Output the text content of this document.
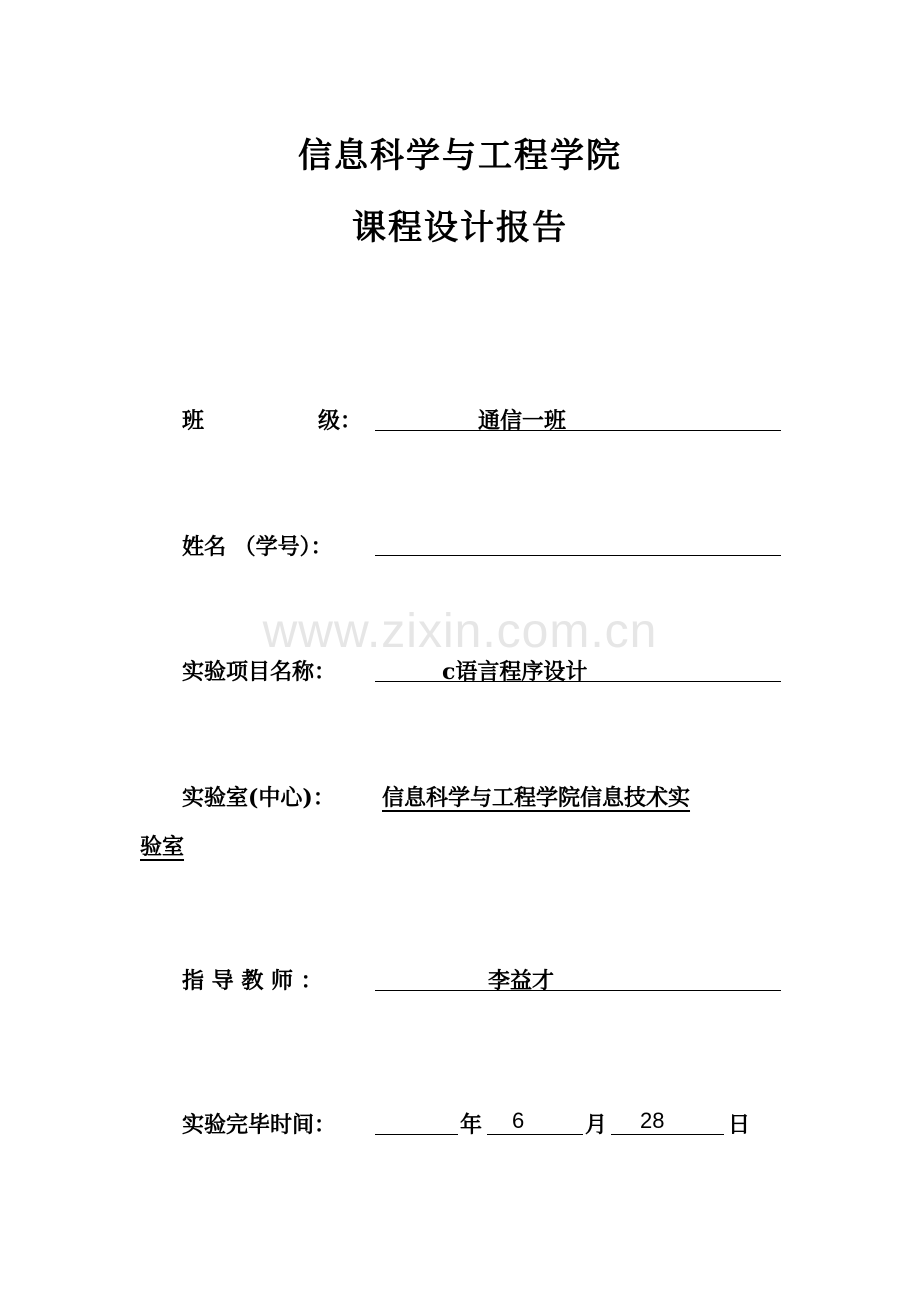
信息科学与工程学院
课程设计报告
www.zixin.com.cn
班	级：	通信一班
姓名 （学号）：
实验项目名称：	c语言程序设计
实验室(中心)： 信息科学与工程学院信息技术实
验室
指 导 教 师 ：	李益才
实验完毕时间：	年 6	月 28	日
